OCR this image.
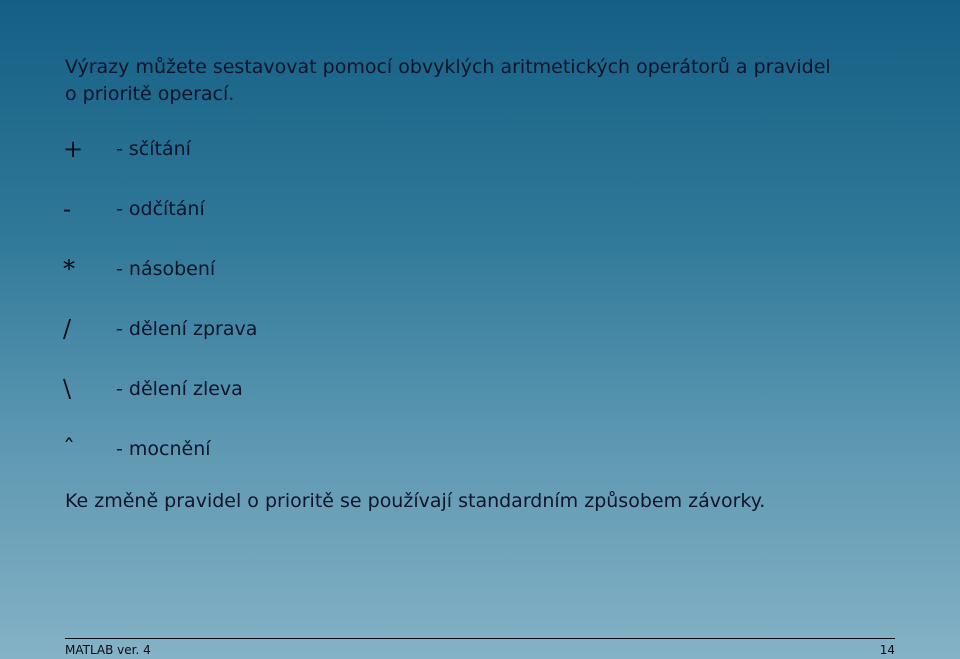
Výrazy můžete sestavovat pomocí obvyklých aritmetických operátorů a pravidel
o prioritě operací.
+ - sčítání
- - odčítání
* - násobení
/ - dělení zprava
\ - dělení zleva
ˆ - mocnění
Ke změně pravidel o prioritě se používají standardním způsobem závorky.
MATLAB ver. 4	14
